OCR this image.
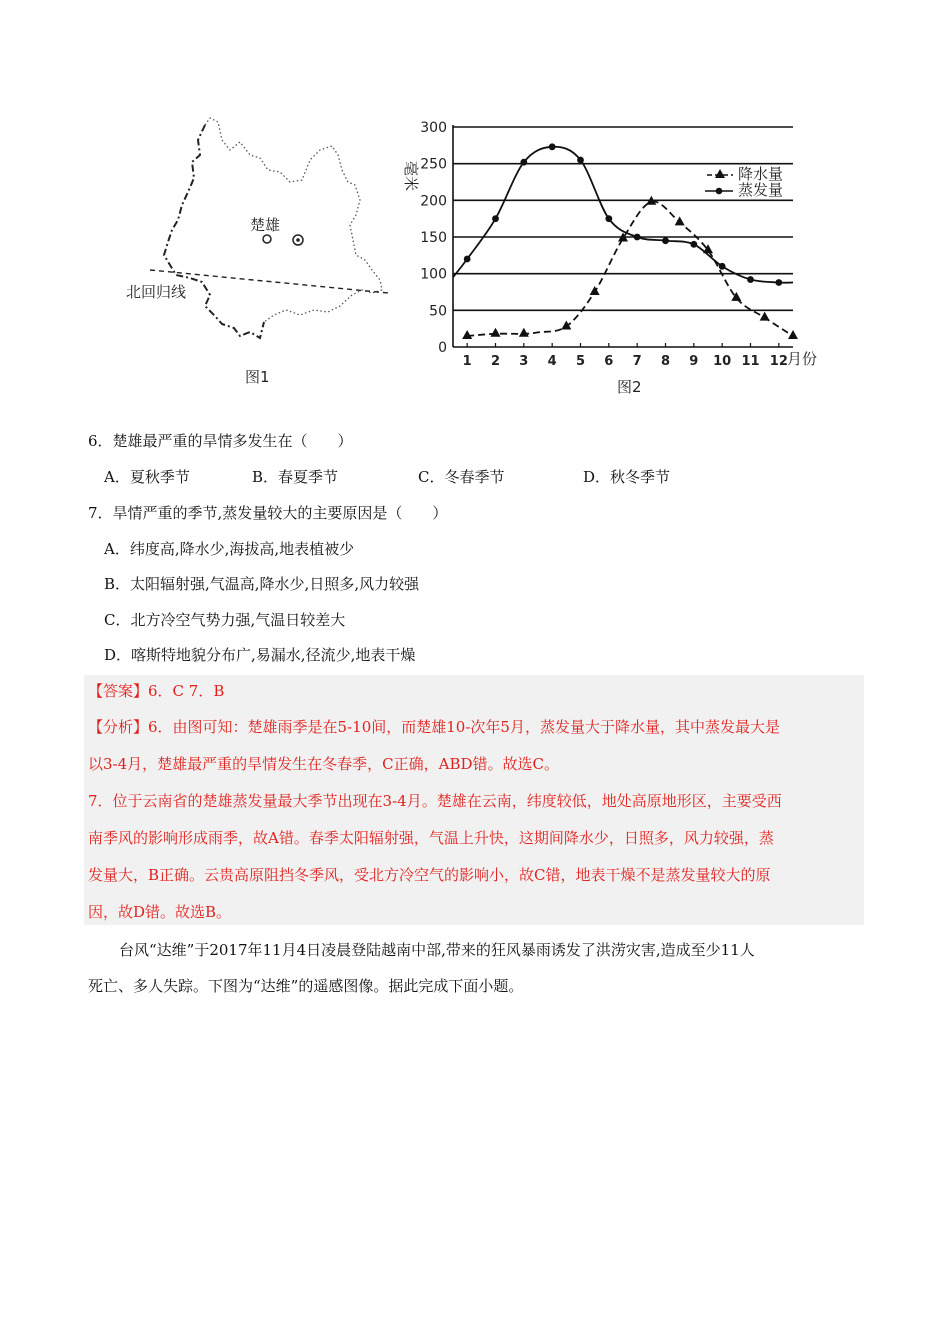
楚雄
北回归线
图1
0
50
100
150
200
250
300
1 2 3 4 5 6 7 8 9 10 11 12
毫米
月份
降水量
蒸发量
图2
6．楚雄最严重的旱情多发生在（　　）
A．夏秋季节	B．春夏季节	C．冬春季节	D．秋冬季节
7．旱情严重的季节,蒸发量较大的主要原因是（　　）
A．纬度高,降水少,海拔高,地表植被少
B．太阳辐射强,气温高,降水少,日照多,风力较强
C．北方冷空气势力强,气温日较差大
D．喀斯特地貌分布广,易漏水,径流少,地表干燥
【答案】6．C 7．B
【分析】6．由图可知：楚雄雨季是在5-10间，而楚雄10-次年5月，蒸发量大于降水量，其中蒸发最大是
以3-4月，楚雄最严重的旱情发生在冬春季，C正确，ABD错。故选C。
7．位于云南省的楚雄蒸发量最大季节出现在3-4月。楚雄在云南，纬度较低，地处高原地形区，主要受西
南季风的影响形成雨季，故A错。春季太阳辐射强，气温上升快，这期间降水少，日照多，风力较强，蒸
发量大，B正确。云贵高原阻挡冬季风，受北方冷空气的影响小，故C错，地表干燥不是蒸发量较大的原
因，故D错。故选B。
台风“达维”于2017年11月4日凌晨登陆越南中部,带来的狂风暴雨诱发了洪涝灾害,造成至少11人
死亡、多人失踪。下图为“达维”的遥感图像。据此完成下面小题。
